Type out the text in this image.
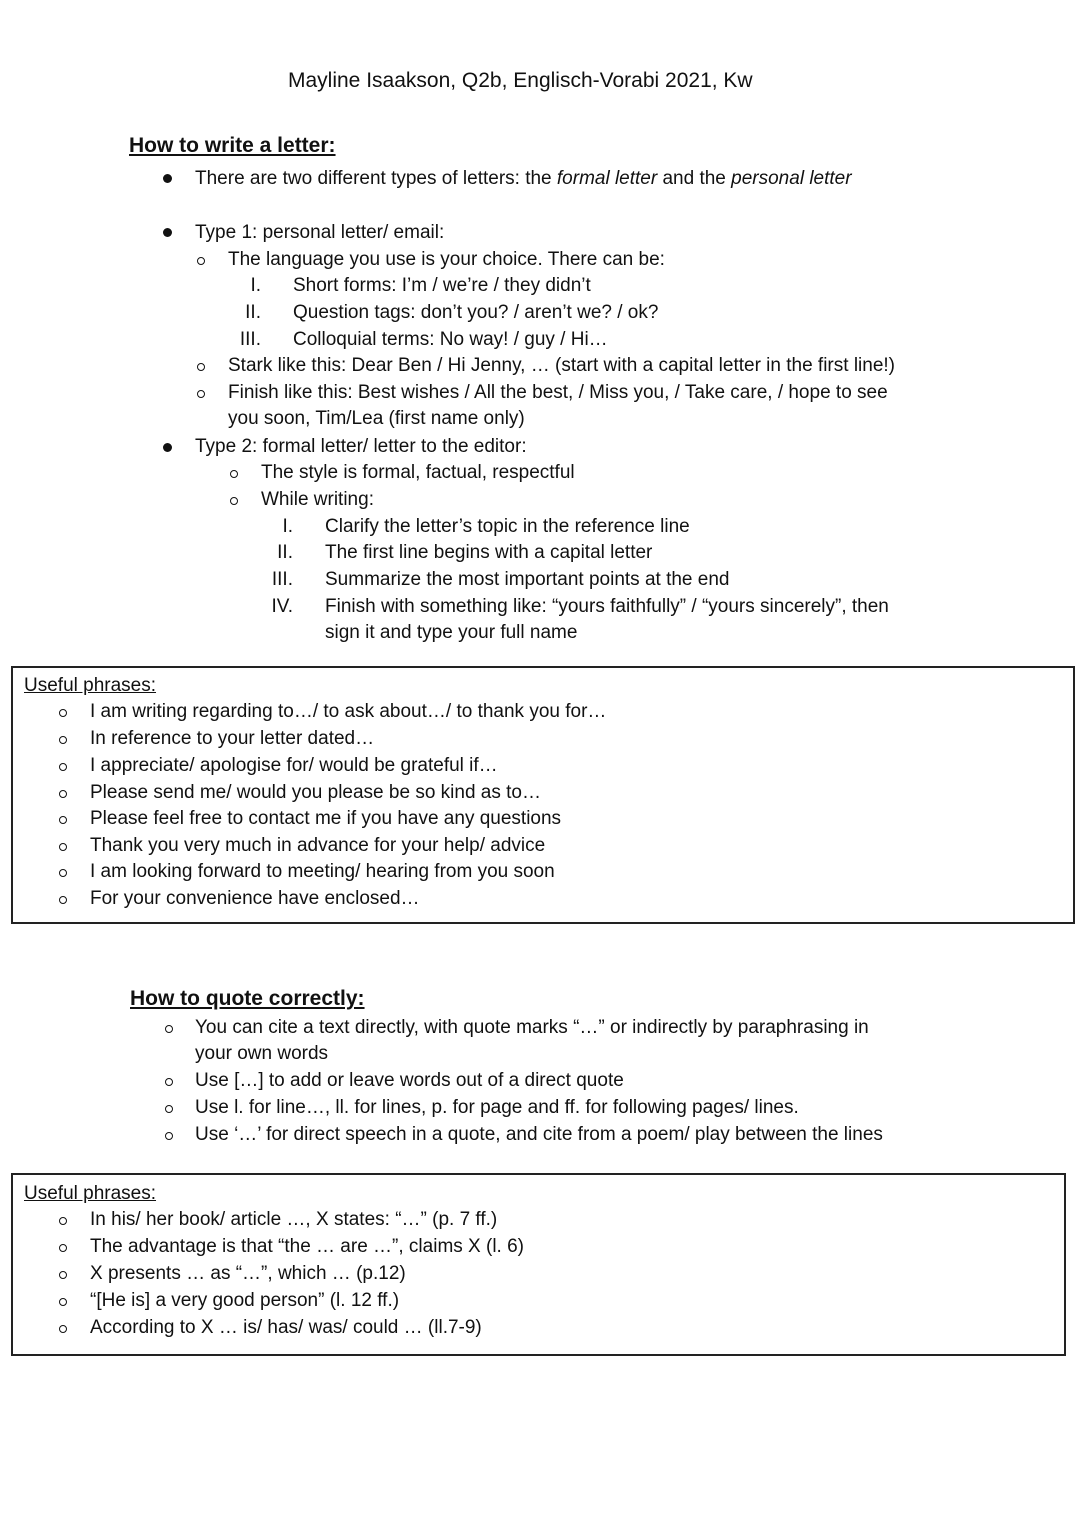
Mayline Isaakson, Q2b, Englisch-Vorabi 2021, Kw
How to write a letter:
There are two different types of letters: the formal letter and the personal letter
Type 1: personal letter/ email:
The language you use is your choice. There can be:
I. Short forms: I’m / we’re / they didn’t
II. Question tags: don’t you? / aren’t we? / ok?
III. Colloquial terms: No way! / guy / Hi…
Stark like this: Dear Ben / Hi Jenny, … (start with a capital letter in the first line!)
Finish like this: Best wishes / All the best, / Miss you, / Take care, / hope to see
you soon, Tim/Lea (first name only)
Type 2: formal letter/ letter to the editor:
The style is formal, factual, respectful
While writing:
I. Clarify the letter’s topic in the reference line
II. The first line begins with a capital letter
III. Summarize the most important points at the end
IV. Finish with something like: “yours faithfully” / “yours sincerely”, then
sign it and type your full name
Useful phrases:
I am writing regarding to…/ to ask about…/ to thank you for…
In reference to your letter dated…
I appreciate/ apologise for/ would be grateful if…
Please send me/ would you please be so kind as to…
Please feel free to contact me if you have any questions
Thank you very much in advance for your help/ advice
I am looking forward to meeting/ hearing from you soon
For your convenience have enclosed…
How to quote correctly:
You can cite a text directly, with quote marks “…” or indirectly by paraphrasing in
your own words
Use […] to add or leave words out of a direct quote
Use l. for line…, ll. for lines, p. for page and ff. for following pages/ lines.
Use ‘…’ for direct speech in a quote, and cite from a poem/ play between the lines
Useful phrases:
In his/ her book/ article …, X states: “…” (p. 7 ff.)
The advantage is that “the … are …”, claims X (l. 6)
X presents … as “…”, which … (p.12)
“[He is] a very good person” (l. 12 ff.)
According to X … is/ has/ was/ could … (ll.7-9)
